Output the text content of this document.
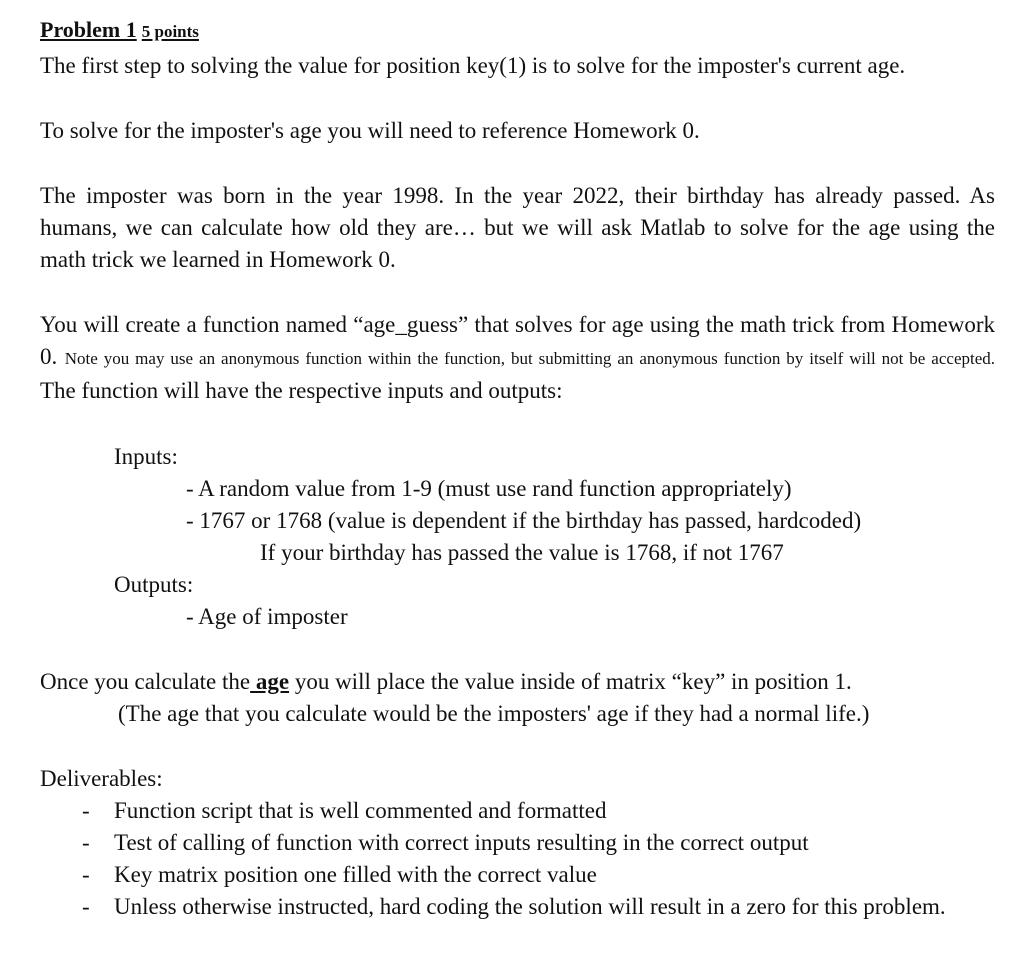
Problem 1 5 points

The first step to solving the value for position key(1) is to solve for the imposter's current age.

To solve for the imposter's age you will need to reference Homework 0.

The imposter was born in the year 1998. In the year 2022, their birthday has already passed. As humans, we can calculate how old they are… but we will ask Matlab to solve for the age using the math trick we learned in Homework 0.

You will create a function named “age_guess” that solves for age using the math trick from Homework 0. Note you may use an anonymous function within the function, but submitting an anonymous function by itself will not be accepted. The function will have the respective inputs and outputs:

Inputs:
- A random value from 1-9 (must use rand function appropriately)
- 1767 or 1768 (value is dependent if the birthday has passed, hardcoded)
If your birthday has passed the value is 1768, if not 1767
Outputs:
- Age of imposter

Once you calculate the age you will place the value inside of matrix “key” in position 1.

(The age that you calculate would be the imposters' age if they had a normal life.)

Deliverables:
- Function script that is well commented and formatted
- Test of calling of function with correct inputs resulting in the correct output
- Key matrix position one filled with the correct value
- Unless otherwise instructed, hard coding the solution will result in a zero for this problem.
